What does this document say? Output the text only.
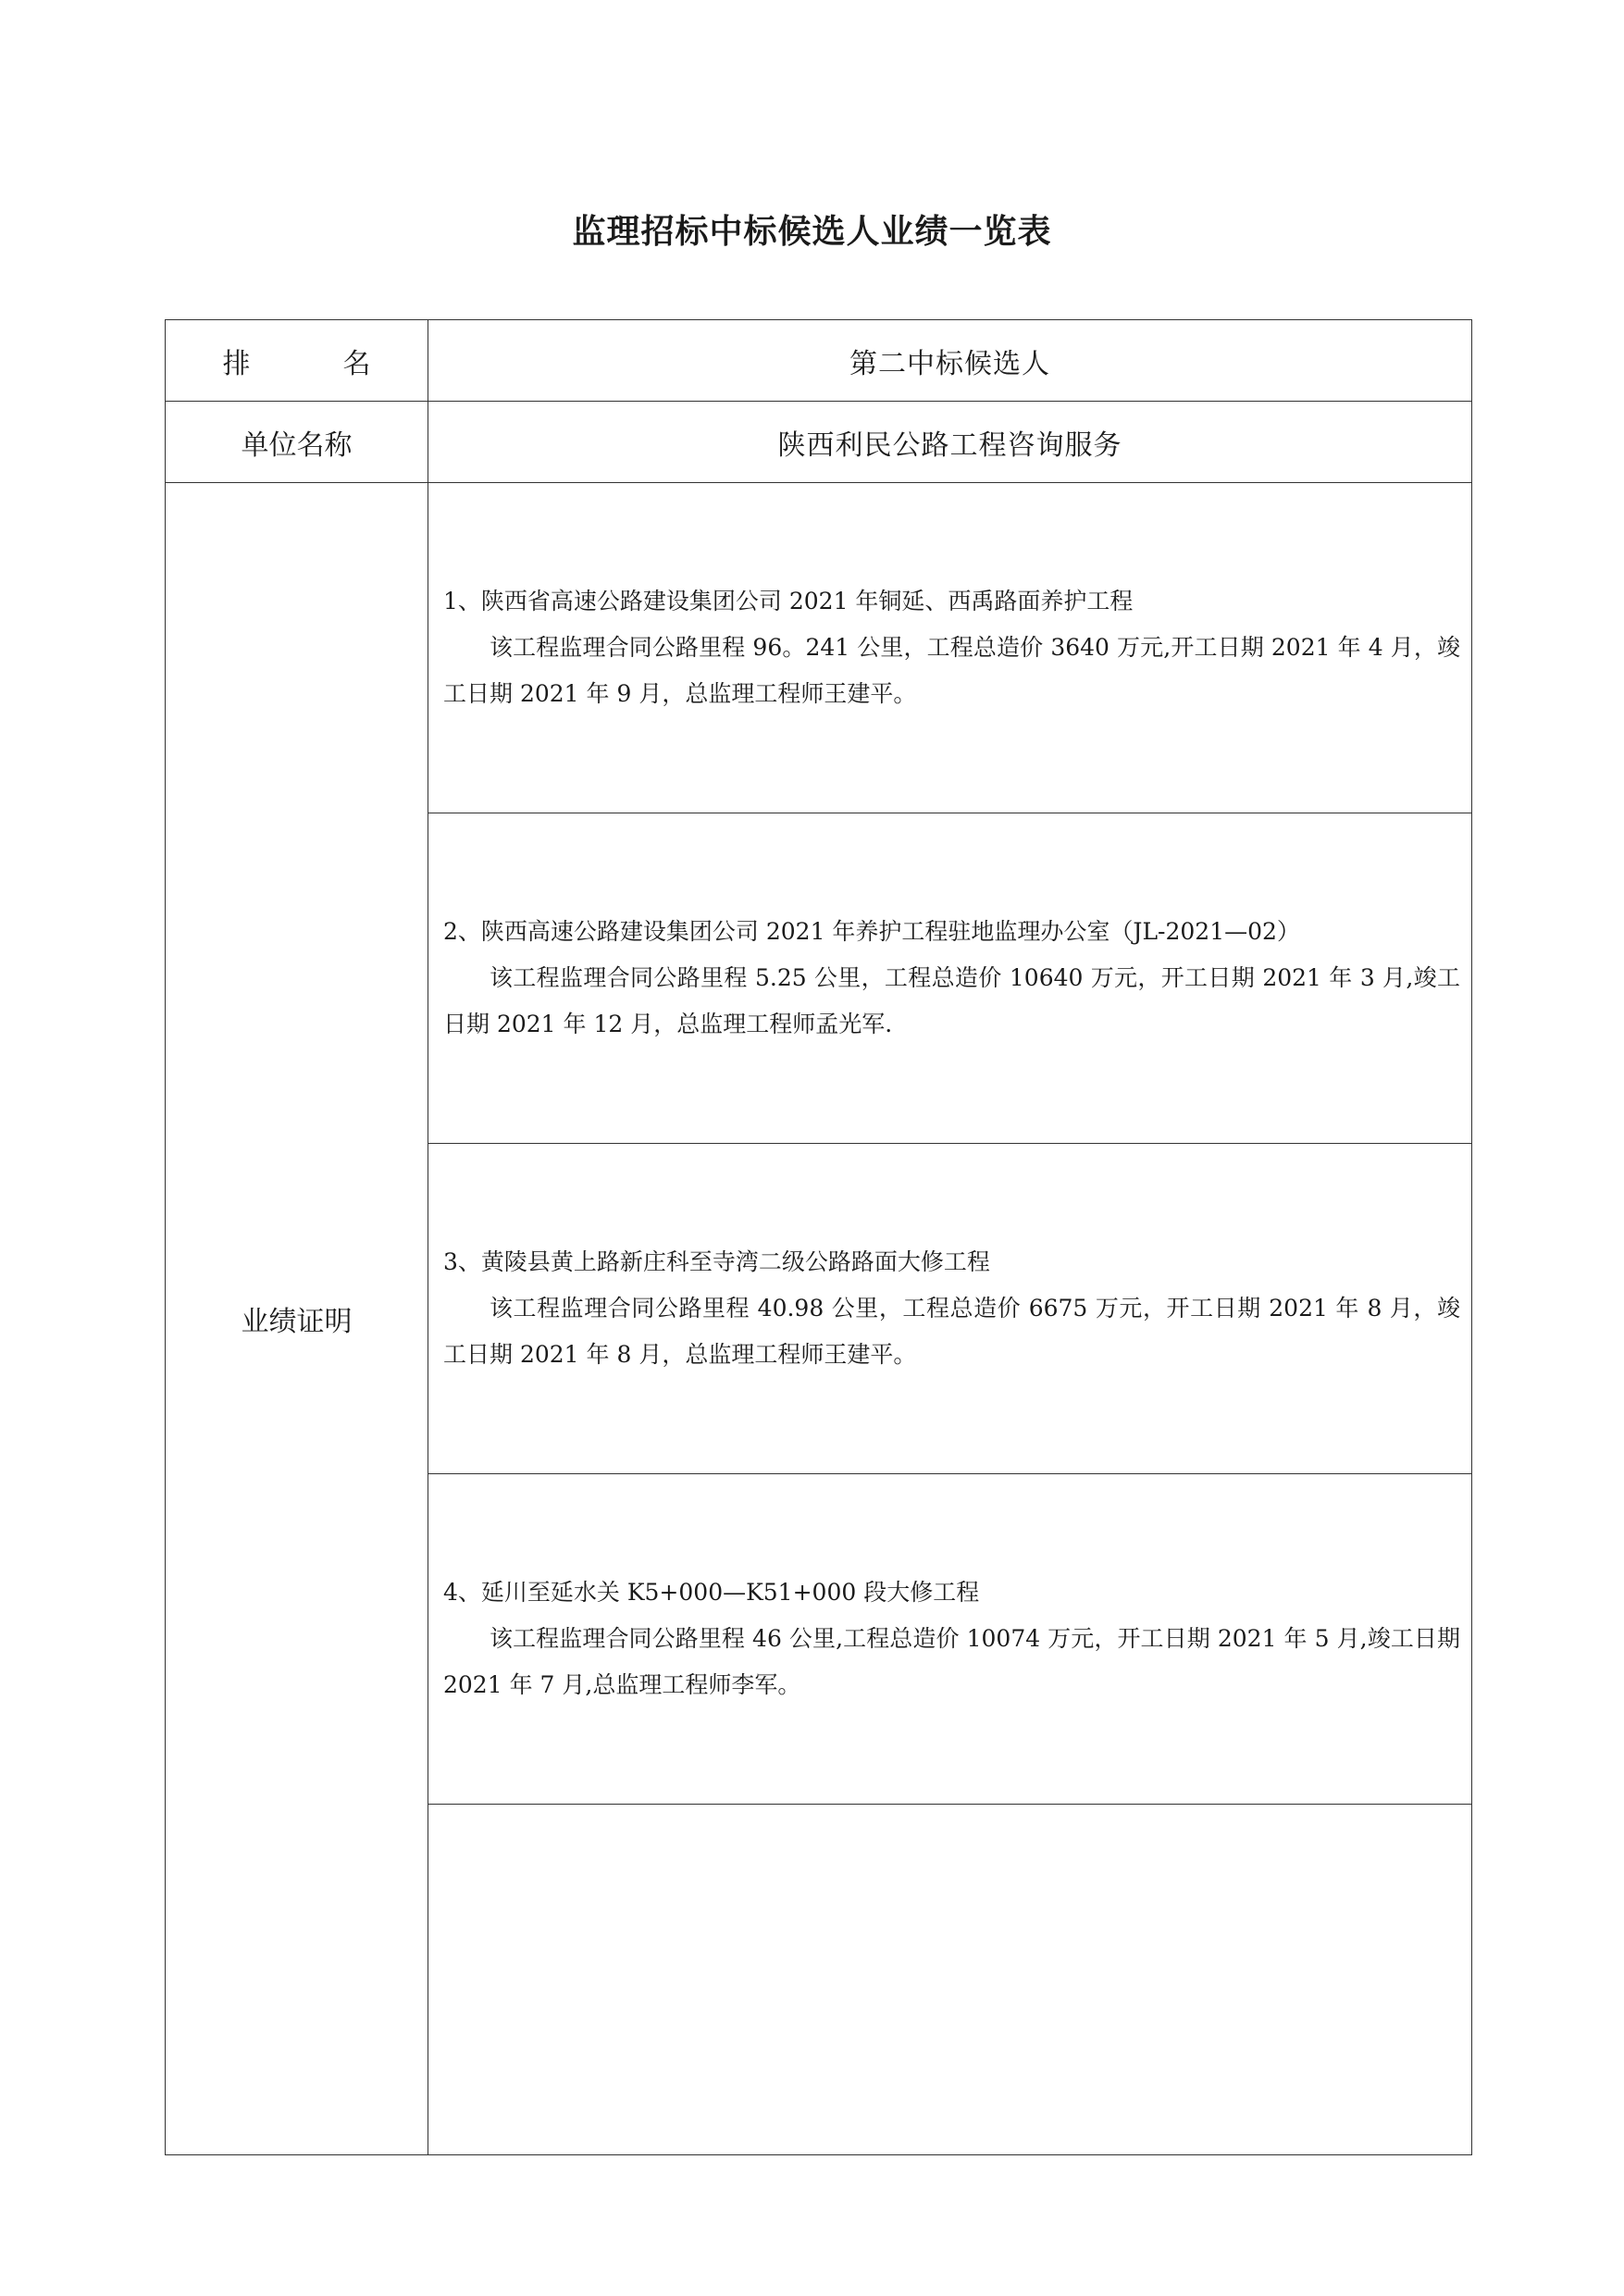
监理招标中标候选人业绩一览表
排 名	第二中标候选人
单位名称	陕西利民公路工程咨询服务
业绩证明	1、陕西省高速公路建设集团公司 2021 年铜延、西禹路面养护工程
该工程监理合同公路里程 96。241 公里，工程总造价 3640 万元,开工日期 2021 年 4 月，竣工日期 2021 年 9 月，总监理工程师王建平。

	2、陕西高速公路建设集团公司 2021 年养护工程驻地监理办公室（JL-2021—02）
该工程监理合同公路里程 5.25 公里，工程总造价 10640 万元，开工日期 2021 年 3 月,竣工日期 2021 年 12 月，总监理工程师孟光军.

	3、黄陵县黄上路新庄科至寺湾二级公路路面大修工程
该工程监理合同公路里程 40.98 公里，工程总造价 6675 万元，开工日期 2021 年 8 月，竣工日期 2021 年 8 月，总监理工程师王建平。

	4、延川至延水关 K5+000—K51+000 段大修工程
该工程监理合同公路里程 46 公里,工程总造价 10074 万元，开工日期 2021 年 5 月,竣工日期 2021 年 7 月,总监理工程师李军。
